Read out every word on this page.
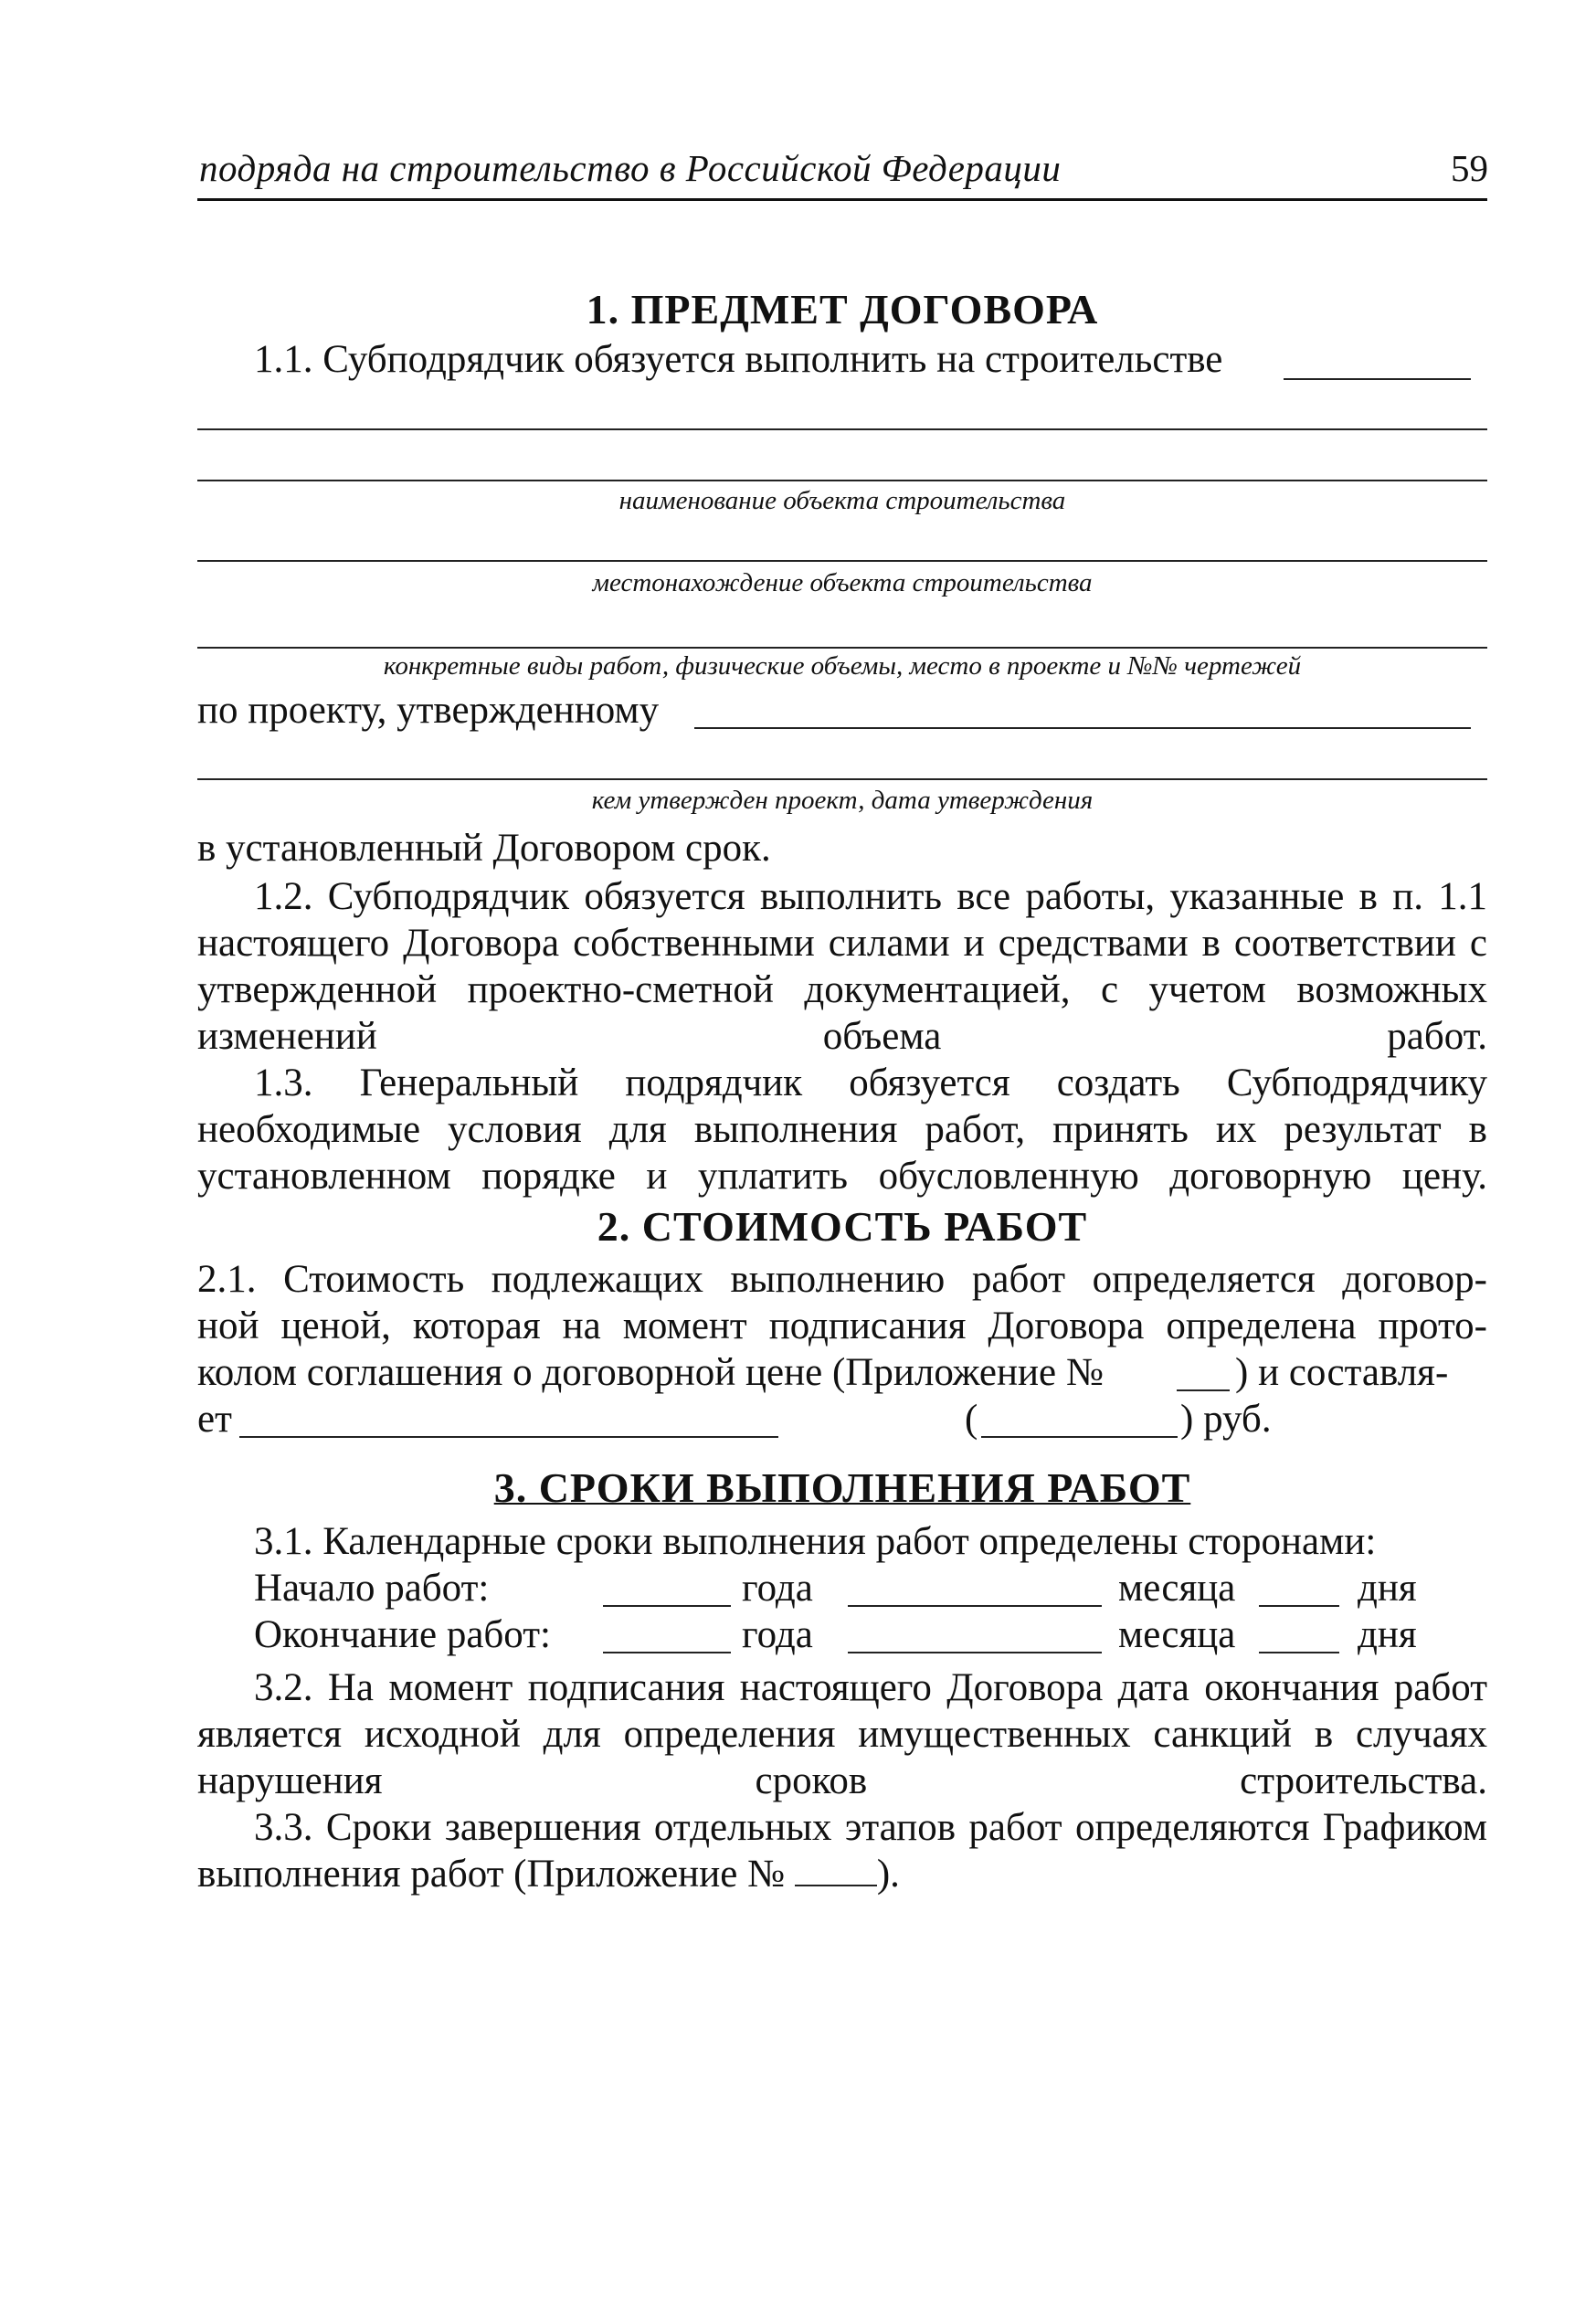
подряда на строительство в Российской Федерации	59
1. ПРЕДМЕТ ДОГОВОРА
1.1. Субподрядчик обязуется выполнить на строительстве
наименование объекта строительства
местонахождение объекта строительства
конкретные виды работ, физические объемы, место в проекте и №№ чертежей
по проекту, утвержденному
кем утвержден проект, дата утверждения
в установленный Договором срок.

1.2. Субподрядчик обязуется выполнить все работы, указанные в п. 1.1 настоящего Договора собственными силами и средствами в соответствии с утвержденной проектно-сметной документацией, с учетом возможных изменений объема работ.

1.3. Генеральный подрядчик обязуется создать Субподрядчику необходимые условия для выполнения работ, принять их результат в установленном порядке и уплатить обусловленную договорную цену.

2. СТОИМОСТЬ РАБОТ
2.1. Стоимость подлежащих выполнению работ определяется договор-
ной ценой, которая на момент подписания Договора определена прото-
колом соглашения о договорной цене (Приложение №	) и составля-
ет	(	) руб.
3. СРОКИ ВЫПОЛНЕНИЯ РАБОТ
3.1. Календарные сроки выполнения работ определены сторонами:
Начало работ:	года	месяца	дня
Окончание работ:	года	месяца	дня

3.2. На момент подписания настоящего Договора дата окончания работ является исходной для определения имущественных санкций в случаях нарушения сроков строительства.

3.3. Сроки завершения отдельных этапов работ определяются Графиком выполнения работ (Приложение № ).
